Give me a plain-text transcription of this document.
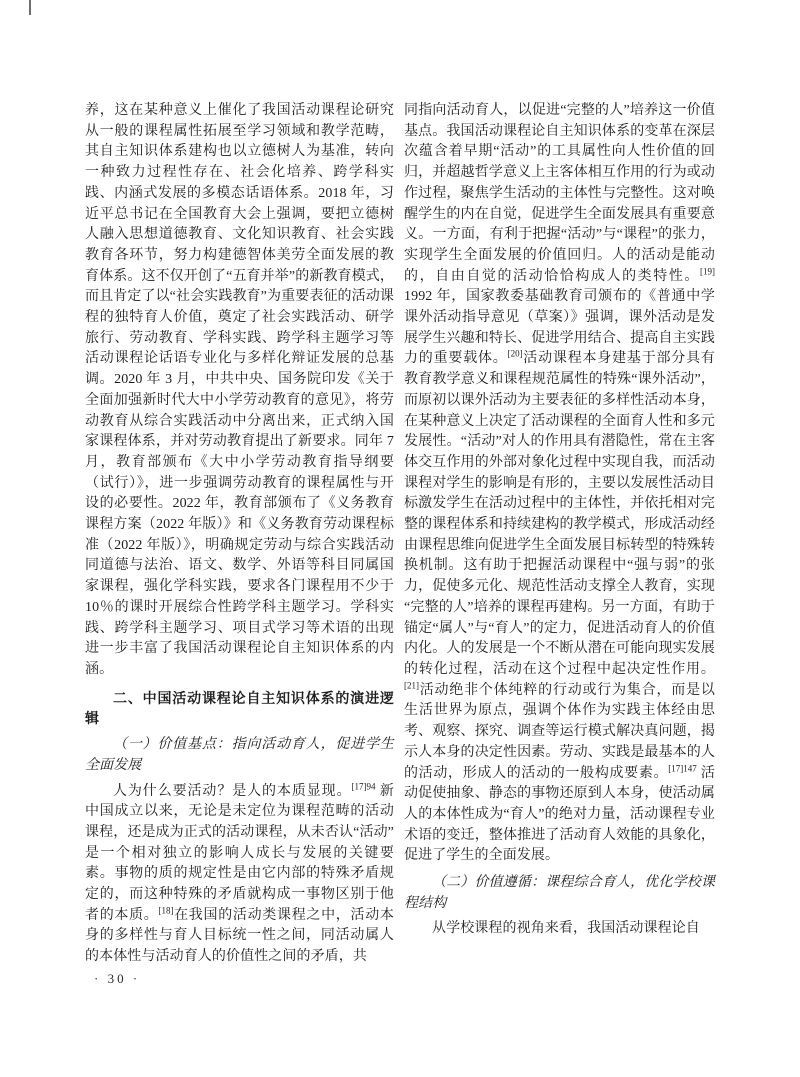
养，这在某种意义上催化了我国活动课程论研究从一般的课程属性拓展至学习领域和教学范畴，其自主知识体系建构也以立德树人为基准，转向一种致力过程性存在、社会化培养、跨学科实践、内涵式发展的多模态话语体系。2018 年，习近平总书记在全国教育大会上强调，要把立德树人融入思想道德教育、文化知识教育、社会实践教育各环节，努力构建德智体美劳全面发展的教育体系。这不仅开创了“五育并举”的新教育模式，而且肯定了以“社会实践教育”为重要表征的活动课程的独特育人价值，奠定了社会实践活动、研学旅行、劳动教育、学科实践、跨学科主题学习等活动课程论话语专业化与多样化辩证发展的总基调。2020 年 3 月，中共中央、国务院印发《关于全面加强新时代大中小学劳动教育的意见》，将劳动教育从综合实践活动中分离出来，正式纳入国家课程体系，并对劳动教育提出了新要求。同年 7 月，教育部颁布《大中小学劳动教育指导纲要（试行）》，进一步强调劳动教育的课程属性与开设的必要性。2022 年，教育部颁布了《义务教育课程方案（2022 年版）》和《义务教育劳动课程标准（2022 年版）》，明确规定劳动与综合实践活动同道德与法治、语文、数学、外语等科目同属国家课程，强化学科实践，要求各门课程用不少于 10％的课时开展综合性跨学科主题学习。学科实践、跨学科主题学习、项目式学习等术语的出现进一步丰富了我国活动课程论自主知识体系的内涵。

二、中国活动课程论自主知识体系的演进逻辑

（一）价值基点：指向活动育人，促进学生全面发展

人为什么要活动？是人的本质显现。$^{[17]94}$ 新中国成立以来，无论是未定位为课程范畴的活动课程，还是成为正式的活动课程，从未否认“活动”是一个相对独立的影响人成长与发展的关键要素。事物的质的规定性是由它内部的特殊矛盾规定的，而这种特殊的矛盾就构成一事物区别于他者的本质。[18]在我国的活动类课程之中，活动本身的多样性与育人目标统一性之间，同活动属人的本体性与活动育人的价值性之间的矛盾，共

同指向活动育人，以促进“完整的人”培养这一价值基点。我国活动课程论自主知识体系的变革在深层次蕴含着早期“活动”的工具属性向人性价值的回归，并超越哲学意义上主客体相互作用的行为或动作过程，聚焦学生活动的主体性与完整性。这对唤醒学生的内在自觉，促进学生全面发展具有重要意义。一方面，有利于把握“活动”与“课程”的张力，实现学生全面发展的价值回归。人的活动是能动的，自由自觉的活动恰恰构成人的类特性。[19] 1992 年，国家教委基础教育司颁布的《普通中学课外活动指导意见（草案）》强调，课外活动是发展学生兴趣和特长、促进学用结合、提高自主实践力的重要载体。[20]活动课程本身建基于部分具有教育教学意义和课程规范属性的特殊“课外活动”，而原初以课外活动为主要表征的多样性活动本身，在某种意义上决定了活动课程的全面育人性和多元发展性。“活动”对人的作用具有潜隐性，常在主客体交互作用的外部对象化过程中实现自我，而活动课程对学生的影响是有形的，主要以发展性活动目标激发学生在活动过程中的主体性，并依托相对完整的课程体系和持续建构的教学模式，形成活动经由课程思维向促进学生全面发展目标转型的特殊转换机制。这有助于把握活动课程中“强与弱”的张力，促使多元化、规范性活动支撑全人教育，实现“完整的人”培养的课程再建构。另一方面，有助于锚定“属人”与“育人”的定力，促进活动育人的价值内化。人的发展是一个不断从潜在可能向现实发展的转化过程，活动在这个过程中起决定性作用。[21]活动绝非个体纯粹的行动或行为集合，而是以生活世界为原点，强调个体作为实践主体经由思考、观察、探究、调查等运行模式解决真问题，揭示人本身的决定性因素。劳动、实践是最基本的人的活动，形成人的活动的一般构成要素。$^{[17]147}$ 活动促使抽象、静态的事物还原到人本身，使活动属人的本体性成为“育人”的绝对力量，活动课程专业术语的变迁，整体推进了活动育人效能的具象化，促进了学生的全面发展。

（二）价值遵循：课程综合育人，优化学校课程结构

从学校课程的视角来看，我国活动课程论自

· 30 ·
